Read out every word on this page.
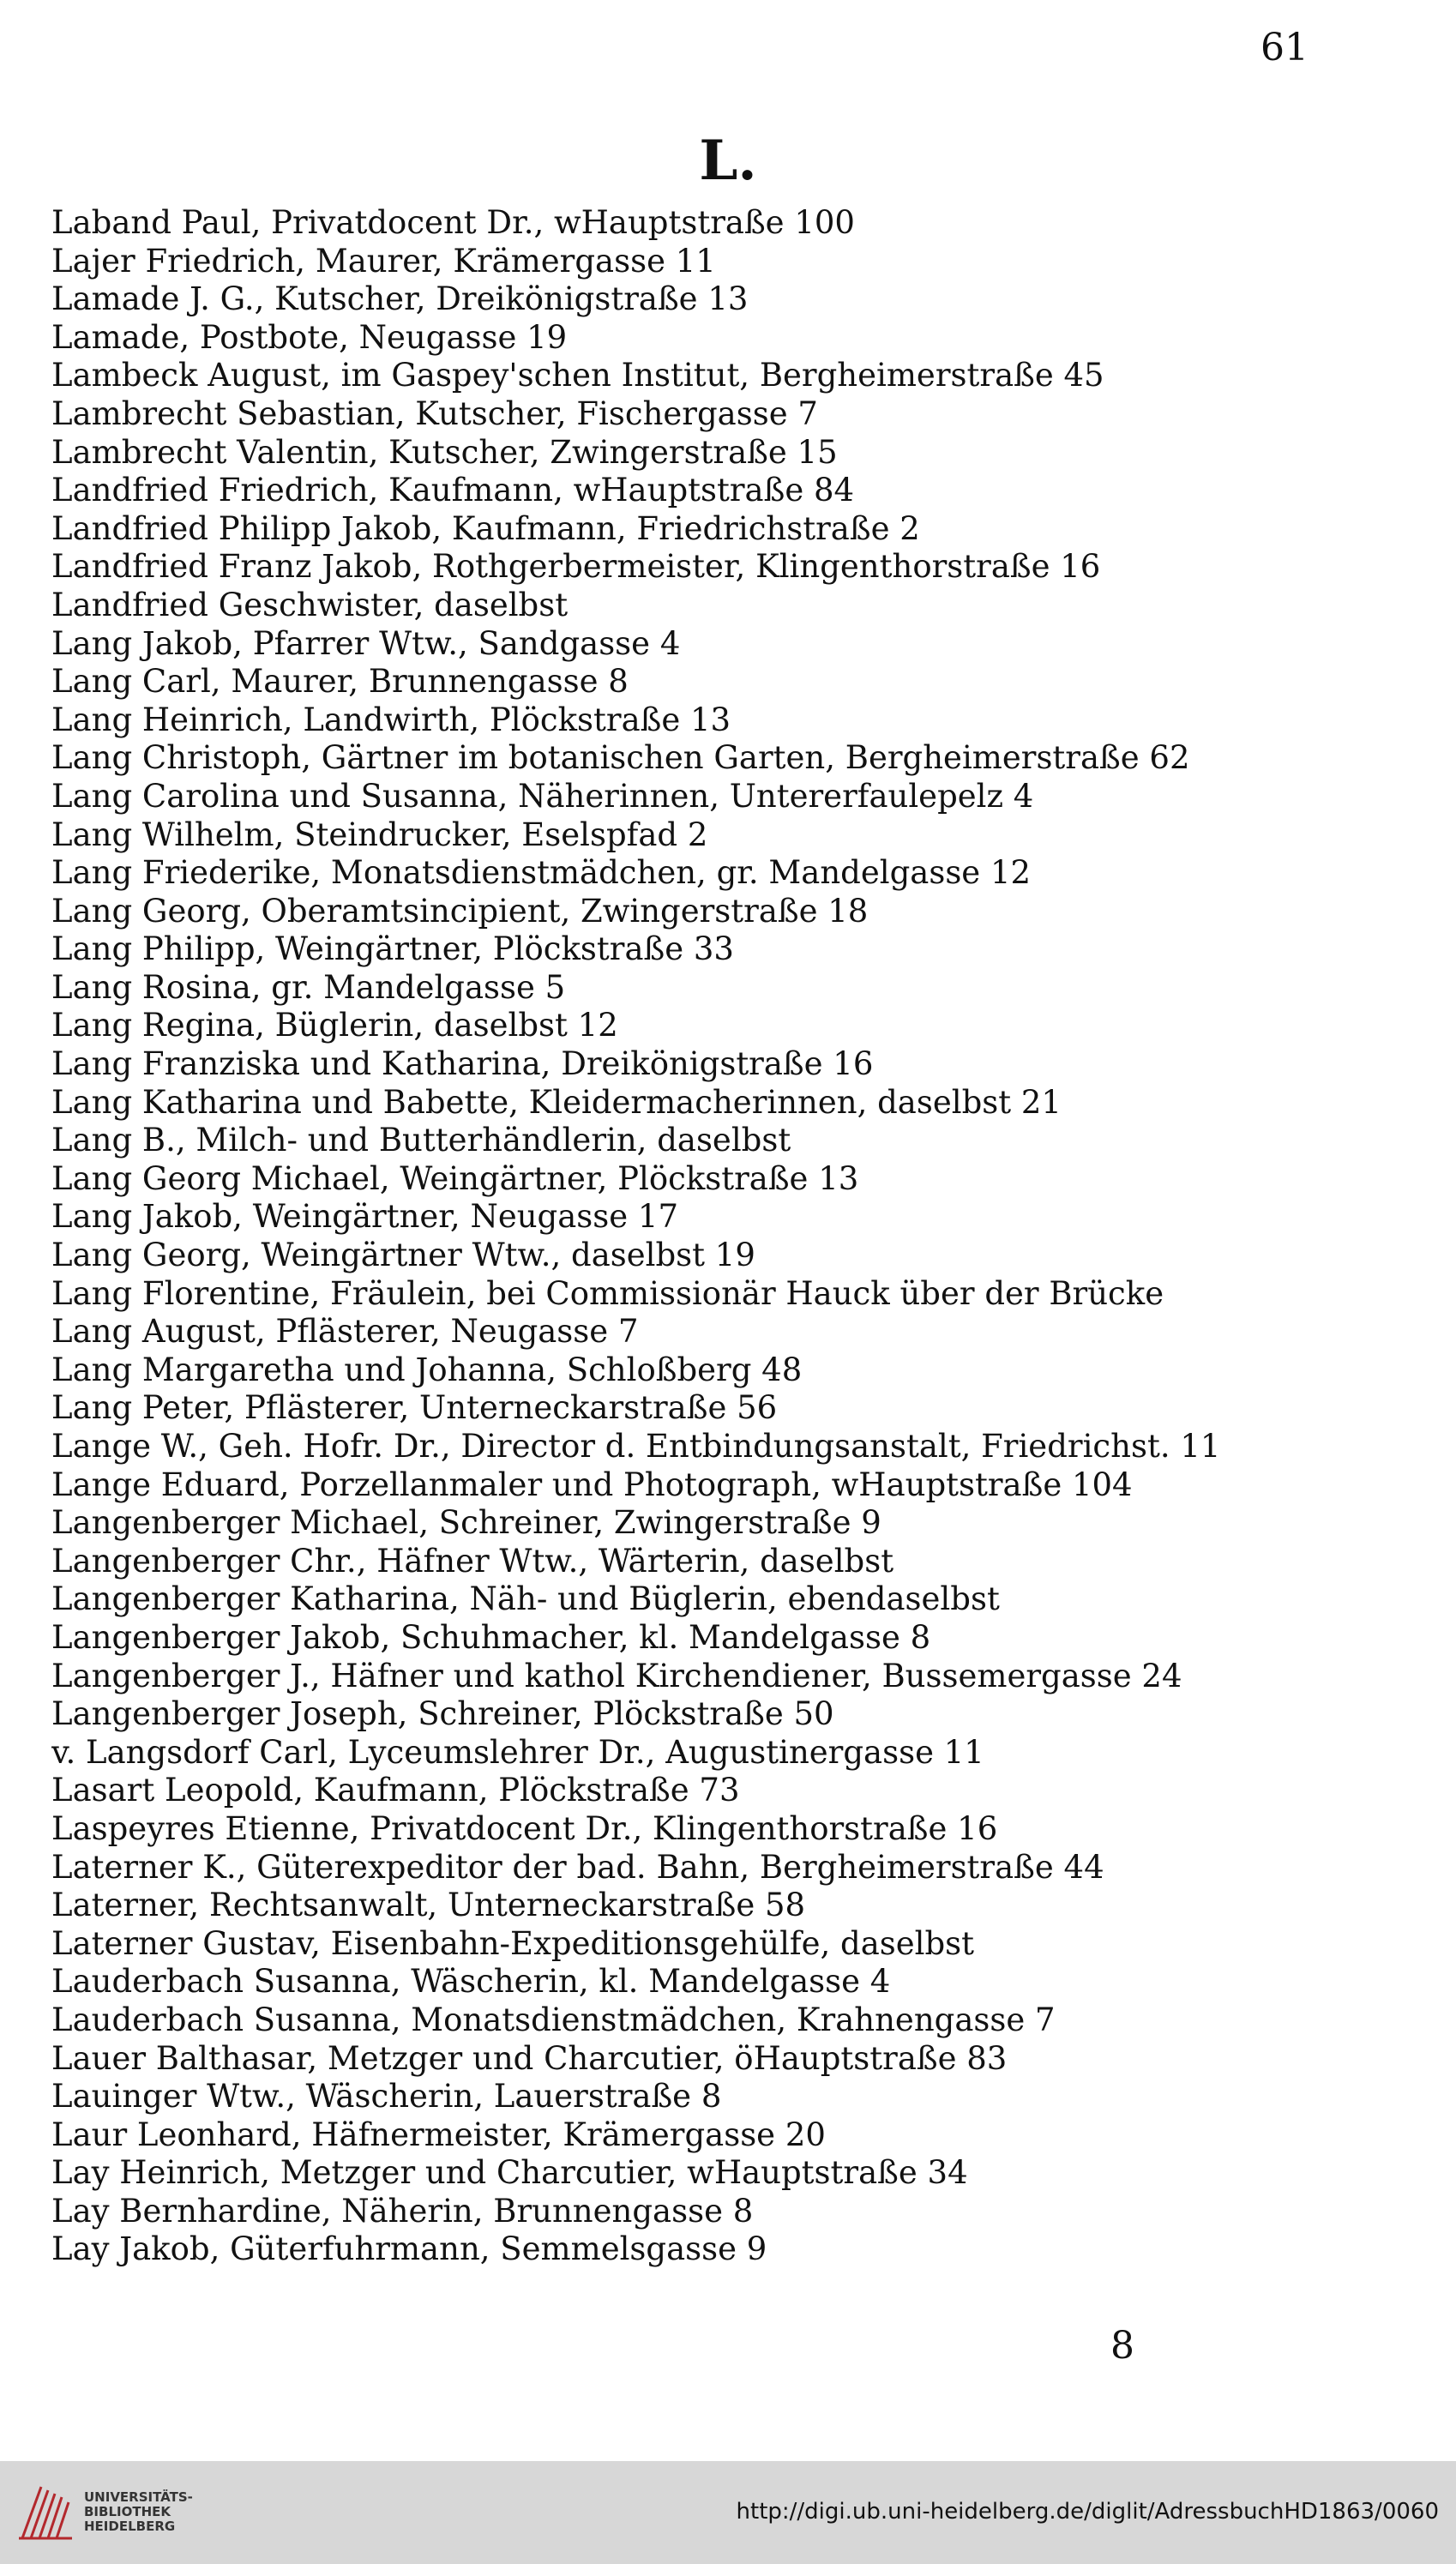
61
L.
Laband Paul, Privatdocent Dr., wHauptstraße 100
Lajer Friedrich, Maurer, Krämergasse 11
Lamade J. G., Kutscher, Dreikönigstraße 13
Lamade, Postbote, Neugasse 19
Lambeck August, im Gaspey'schen Institut, Bergheimerstraße 45
Lambrecht Sebastian, Kutscher, Fischergasse 7
Lambrecht Valentin, Kutscher, Zwingerstraße 15
Landfried Friedrich, Kaufmann, wHauptstraße 84
Landfried Philipp Jakob, Kaufmann, Friedrichstraße 2
Landfried Franz Jakob, Rothgerbermeister, Klingenthorstraße 16
Landfried Geschwister, daselbst
Lang Jakob, Pfarrer Wtw., Sandgasse 4
Lang Carl, Maurer, Brunnengasse 8
Lang Heinrich, Landwirth, Plöckstraße 13
Lang Christoph, Gärtner im botanischen Garten, Bergheimerstraße 62
Lang Carolina und Susanna, Näherinnen, Untererfaulepelz 4
Lang Wilhelm, Steindrucker, Eselspfad 2
Lang Friederike, Monatsdienstmädchen, gr. Mandelgasse 12
Lang Georg, Oberamtsincipient, Zwingerstraße 18
Lang Philipp, Weingärtner, Plöckstraße 33
Lang Rosina, gr. Mandelgasse 5
Lang Regina, Büglerin, daselbst 12
Lang Franziska und Katharina, Dreikönigstraße 16
Lang Katharina und Babette, Kleidermacherinnen, daselbst 21
Lang B., Milch- und Butterhändlerin, daselbst
Lang Georg Michael, Weingärtner, Plöckstraße 13
Lang Jakob, Weingärtner, Neugasse 17
Lang Georg, Weingärtner Wtw., daselbst 19
Lang Florentine, Fräulein, bei Commissionär Hauck über der Brücke
Lang August, Pflästerer, Neugasse 7
Lang Margaretha und Johanna, Schloßberg 48
Lang Peter, Pflästerer, Unterneckarstraße 56
Lange W., Geh. Hofr. Dr., Director d. Entbindungsanstalt, Friedrichst. 11
Lange Eduard, Porzellanmaler und Photograph, wHauptstraße 104
Langenberger Michael, Schreiner, Zwingerstraße 9
Langenberger Chr., Häfner Wtw., Wärterin, daselbst
Langenberger Katharina, Näh- und Büglerin, ebendaselbst
Langenberger Jakob, Schuhmacher, kl. Mandelgasse 8
Langenberger J., Häfner und kathol Kirchendiener, Bussemergasse 24
Langenberger Joseph, Schreiner, Plöckstraße 50
v. Langsdorf Carl, Lyceumslehrer Dr., Augustinergasse 11
Lasart Leopold, Kaufmann, Plöckstraße 73
Laspeyres Etienne, Privatdocent Dr., Klingenthorstraße 16
Laterner K., Güterexpeditor der bad. Bahn, Bergheimerstraße 44
Laterner, Rechtsanwalt, Unterneckarstraße 58
Laterner Gustav, Eisenbahn-Expeditionsgehülfe, daselbst
Lauderbach Susanna, Wäscherin, kl. Mandelgasse 4
Lauderbach Susanna, Monatsdienstmädchen, Krahnengasse 7
Lauer Balthasar, Metzger und Charcutier, öHauptstraße 83
Lauinger Wtw., Wäscherin, Lauerstraße 8
Laur Leonhard, Häfnermeister, Krämergasse 20
Lay Heinrich, Metzger und Charcutier, wHauptstraße 34
Lay Bernhardine, Näherin, Brunnengasse 8
Lay Jakob, Güterfuhrmann, Semmelsgasse 9
8
UNIVERSITÄTS-
BIBLIOTHEK
HEIDELBERG
http://digi.ub.uni-heidelberg.de/diglit/AdressbuchHD1863/0060
